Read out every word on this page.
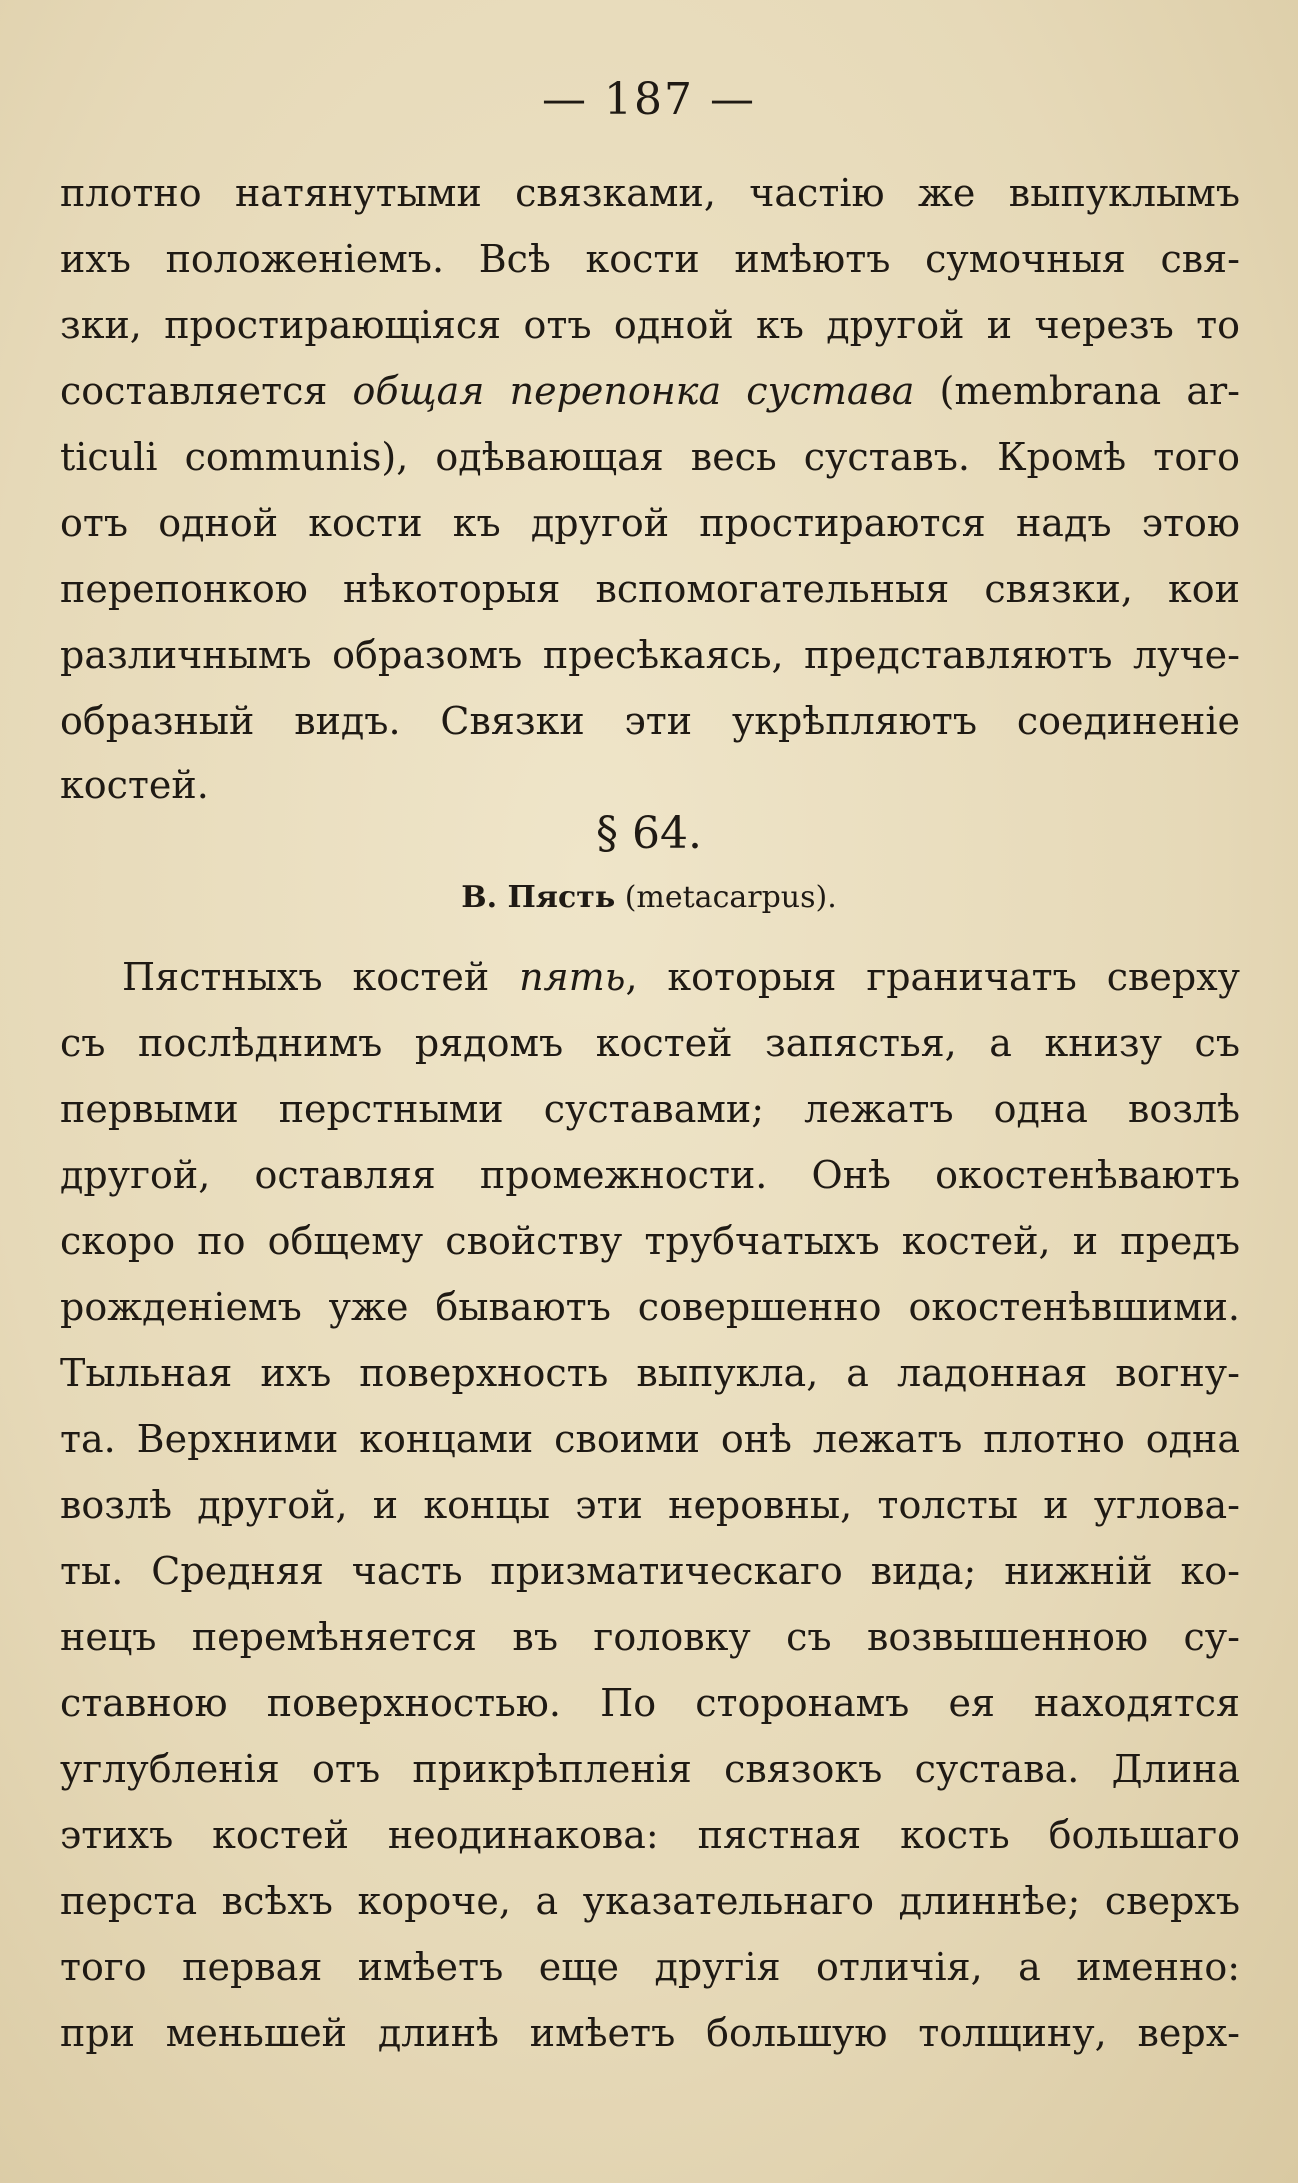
— 187 —
плотно натянутыми связками, частію же выпуклымъ
ихъ положеніемъ. Всѣ кости имѣютъ сумочныя свя-
зки, простирающіяся отъ одной къ другой и черезъ то
составляется общая перепонка сустава (membrana ar-
ticuli communis), одѣвающая весь суставъ. Кромѣ того
отъ одной кости къ другой простираются надъ этою
перепонкою нѣкоторыя вспомогательныя связки, кои
различнымъ образомъ пресѣкаясь, представляютъ луче-
образный видъ. Связки эти укрѣпляютъ соединеніе
костей.
§ 64.
В. Пясть (metacarpus).
Пястныхъ костей пять, которыя граничатъ сверху
съ послѣднимъ рядомъ костей запястья, а книзу съ
первыми перстными суставами; лежатъ одна возлѣ
другой, оставляя промежности. Онѣ окостенѣваютъ
скоро по общему свойству трубчатыхъ костей, и предъ
рожденіемъ уже бываютъ совершенно окостенѣвшими.
Тыльная ихъ поверхность выпукла, а ладонная вогну-
та. Верхними концами своими онѣ лежатъ плотно одна
возлѣ другой, и концы эти неровны, толсты и углова-
ты. Средняя часть призматическаго вида; нижній ко-
нецъ перемѣняется въ головку съ возвышенною су-
ставною поверхностью. По сторонамъ ея находятся
углубленія отъ прикрѣпленія связокъ сустава. Длина
этихъ костей неодинакова: пястная кость большаго
перста всѣхъ короче, а указательнаго длиннѣе; сверхъ
того первая имѣетъ еще другія отличія, а именно:
при меньшей длинѣ имѣетъ большую толщину, верх-
